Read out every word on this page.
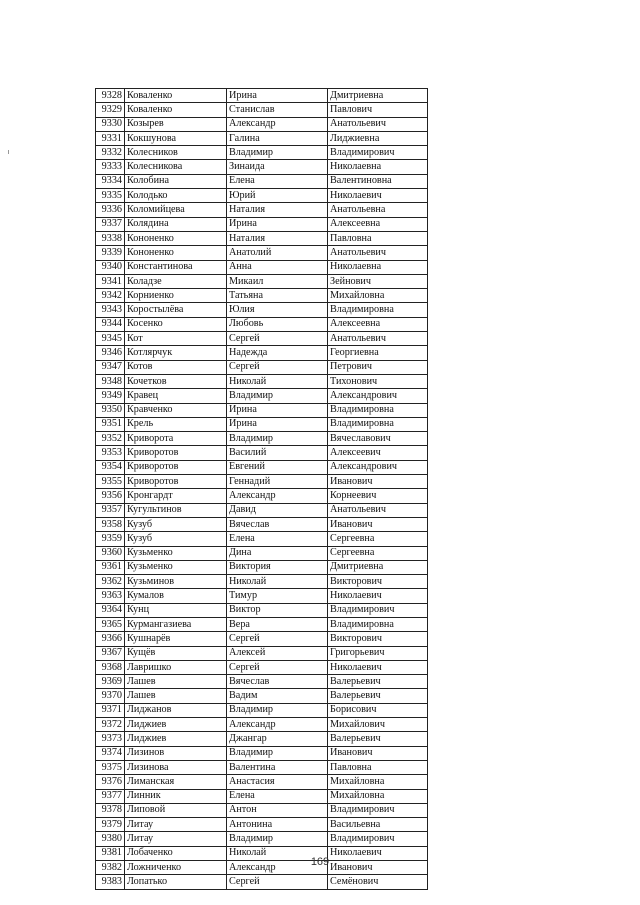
9328	Коваленко	Ирина	Дмитриевна
9329	Коваленко	Станислав	Павлович
9330	Козырев	Александр	Анатольевич
9331	Кокшунова	Галина	Лиджиевна
9332	Колесников	Владимир	Владимирович
9333	Колесникова	Зинаида	Николаевна
9334	Колобина	Елена	Валентиновна
9335	Колодько	Юрий	Николаевич
9336	Коломийцева	Наталия	Анатольевна
9337	Колядина	Ирина	Алексеевна
9338	Кононенко	Наталия	Павловна
9339	Кононенко	Анатолий	Анатольевич
9340	Константинова	Анна	Николаевна
9341	Коладзе	Микаил	Зейнович
9342	Корниенко	Татьяна	Михайловна
9343	Коростылёва	Юлия	Владимировна
9344	Косенко	Любовь	Алексеевна
9345	Кот	Сергей	Анатольевич
9346	Котлярчук	Надежда	Георгиевна
9347	Котов	Сергей	Петрович
9348	Кочетков	Николай	Тихонович
9349	Кравец	Владимир	Александрович
9350	Кравченко	Ирина	Владимировна
9351	Крель	Ирина	Владимировна
9352	Криворота	Владимир	Вячеславович
9353	Криворотов	Василий	Алексеевич
9354	Криворотов	Евгений	Александрович
9355	Криворотов	Геннадий	Иванович
9356	Кронгардт	Александр	Корнеевич
9357	Кугультинов	Давид	Анатольевич
9358	Кузуб	Вячеслав	Иванович
9359	Кузуб	Елена	Сергеевна
9360	Кузьменко	Дина	Сергеевна
9361	Кузьменко	Виктория	Дмитриевна
9362	Кузьминов	Николай	Викторович
9363	Кумалов	Тимур	Николаевич
9364	Кунц	Виктор	Владимирович
9365	Курмангазиева	Вера	Владимировна
9366	Кушнарёв	Сергей	Викторович
9367	Кущёв	Алексей	Григорьевич
9368	Лавришко	Сергей	Николаевич
9369	Лашев	Вячеслав	Валерьевич
9370	Лашев	Вадим	Валерьевич
9371	Лиджанов	Владимир	Борисович
9372	Лиджиев	Александр	Михайлович
9373	Лиджиев	Джангар	Валерьевич
9374	Лизинов	Владимир	Иванович
9375	Лизинова	Валентина	Павловна
9376	Лиманская	Анастасия	Михайловна
9377	Линник	Елена	Михайловна
9378	Липовой	Антон	Владимирович
9379	Литау	Антонина	Васильевна
9380	Литау	Владимир	Владимирович
9381	Лобаченко	Николай	Николаевич
9382	Ложниченко	Александр	Иванович
9383	Лопатько	Сергей	Семёнович
169
